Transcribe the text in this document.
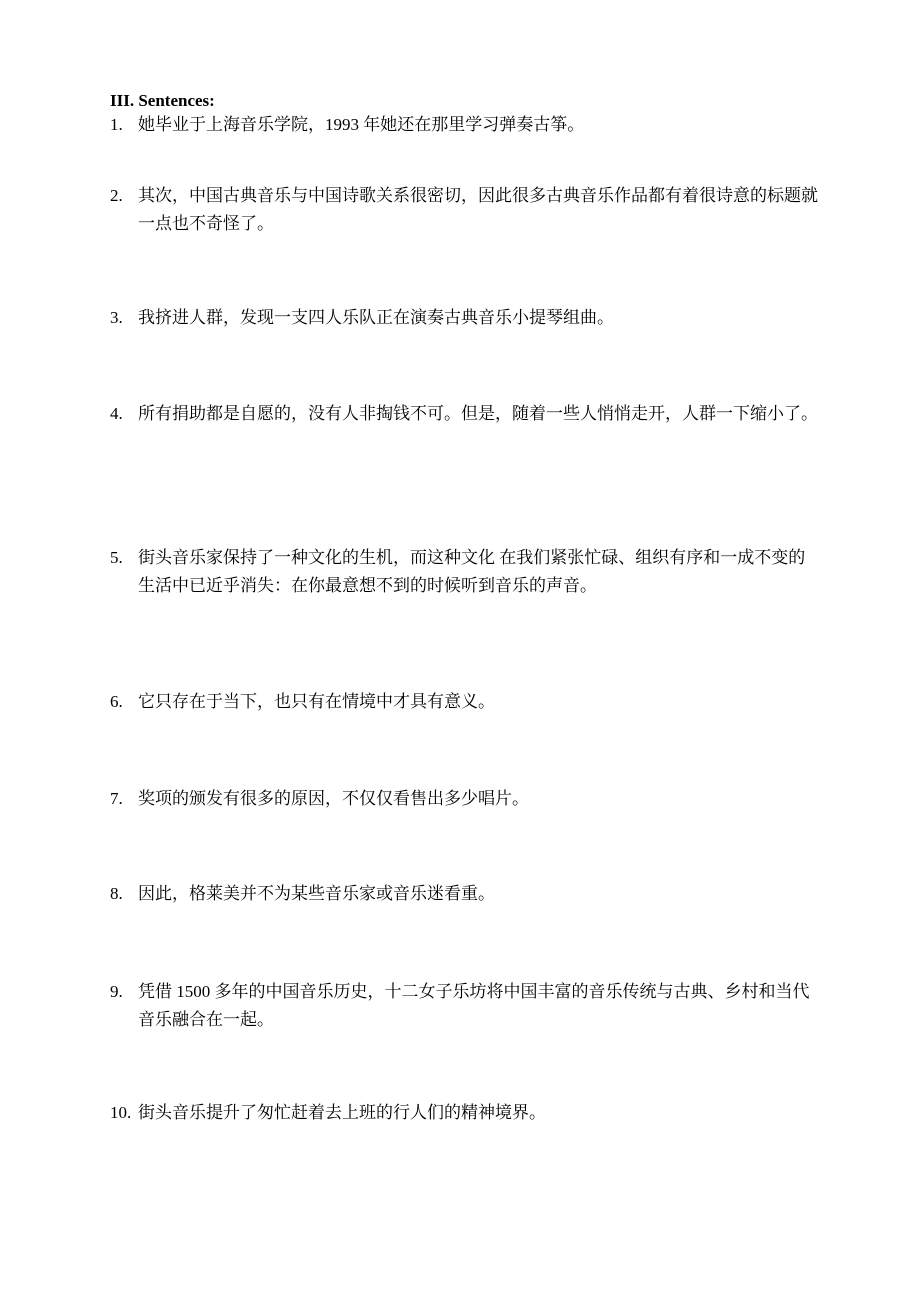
III. Sentences:
1. 她毕业于上海音乐学院，1993 年她还在那里学习弹奏古筝。
2. 其次，中国古典音乐与中国诗歌关系很密切，因此很多古典音乐作品都有着很诗意的标题就一点也不奇怪了。
3. 我挤进人群，发现一支四人乐队正在演奏古典音乐小提琴组曲。
4. 所有捐助都是自愿的，没有人非掏钱不可。但是，随着一些人悄悄走开，人群一下缩小了。
5. 街头音乐家保持了一种文化的生机，而这种文化 在我们紧张忙碌、组织有序和一成不变的生活中已近乎消失：在你最意想不到的时候听到音乐的声音。
6. 它只存在于当下，也只有在情境中才具有意义。
7. 奖项的颁发有很多的原因，不仅仅看售出多少唱片。
8. 因此，格莱美并不为某些音乐家或音乐迷看重。
9. 凭借 1500 多年的中国音乐历史，十二女子乐坊将中国丰富的音乐传统与古典、乡村和当代音乐融合在一起。
10. 街头音乐提升了匆忙赶着去上班的行人们的精神境界。
